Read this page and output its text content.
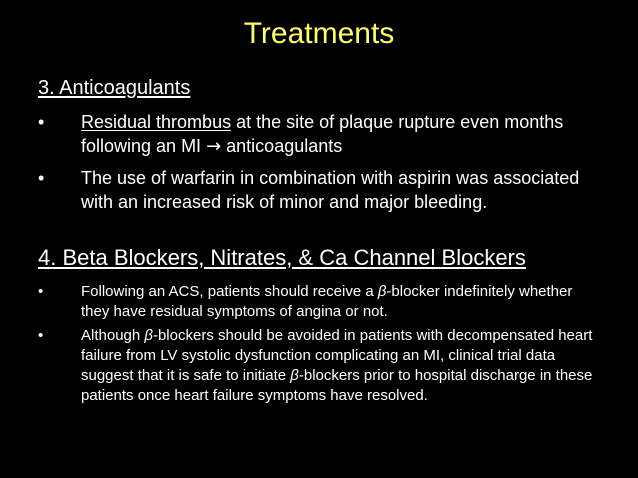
Treatments
3. Anticoagulants
• Residual thrombus at the site of plaque rupture even months following an MI → anticoagulants
• The use of warfarin in combination with aspirin was associated with an increased risk of minor and major bleeding.
4. Beta Blockers, Nitrates, & Ca Channel Blockers
•	Following an ACS, patients should receive a β-blocker indefinitely whether they have residual symptoms of angina or not.
•	Although β-blockers should be avoided in patients with decompensated heart failure from LV systolic dysfunction complicating an MI, clinical trial data suggest that it is safe to initiate β-blockers prior to hospital discharge in these patients once heart failure symptoms have resolved.
